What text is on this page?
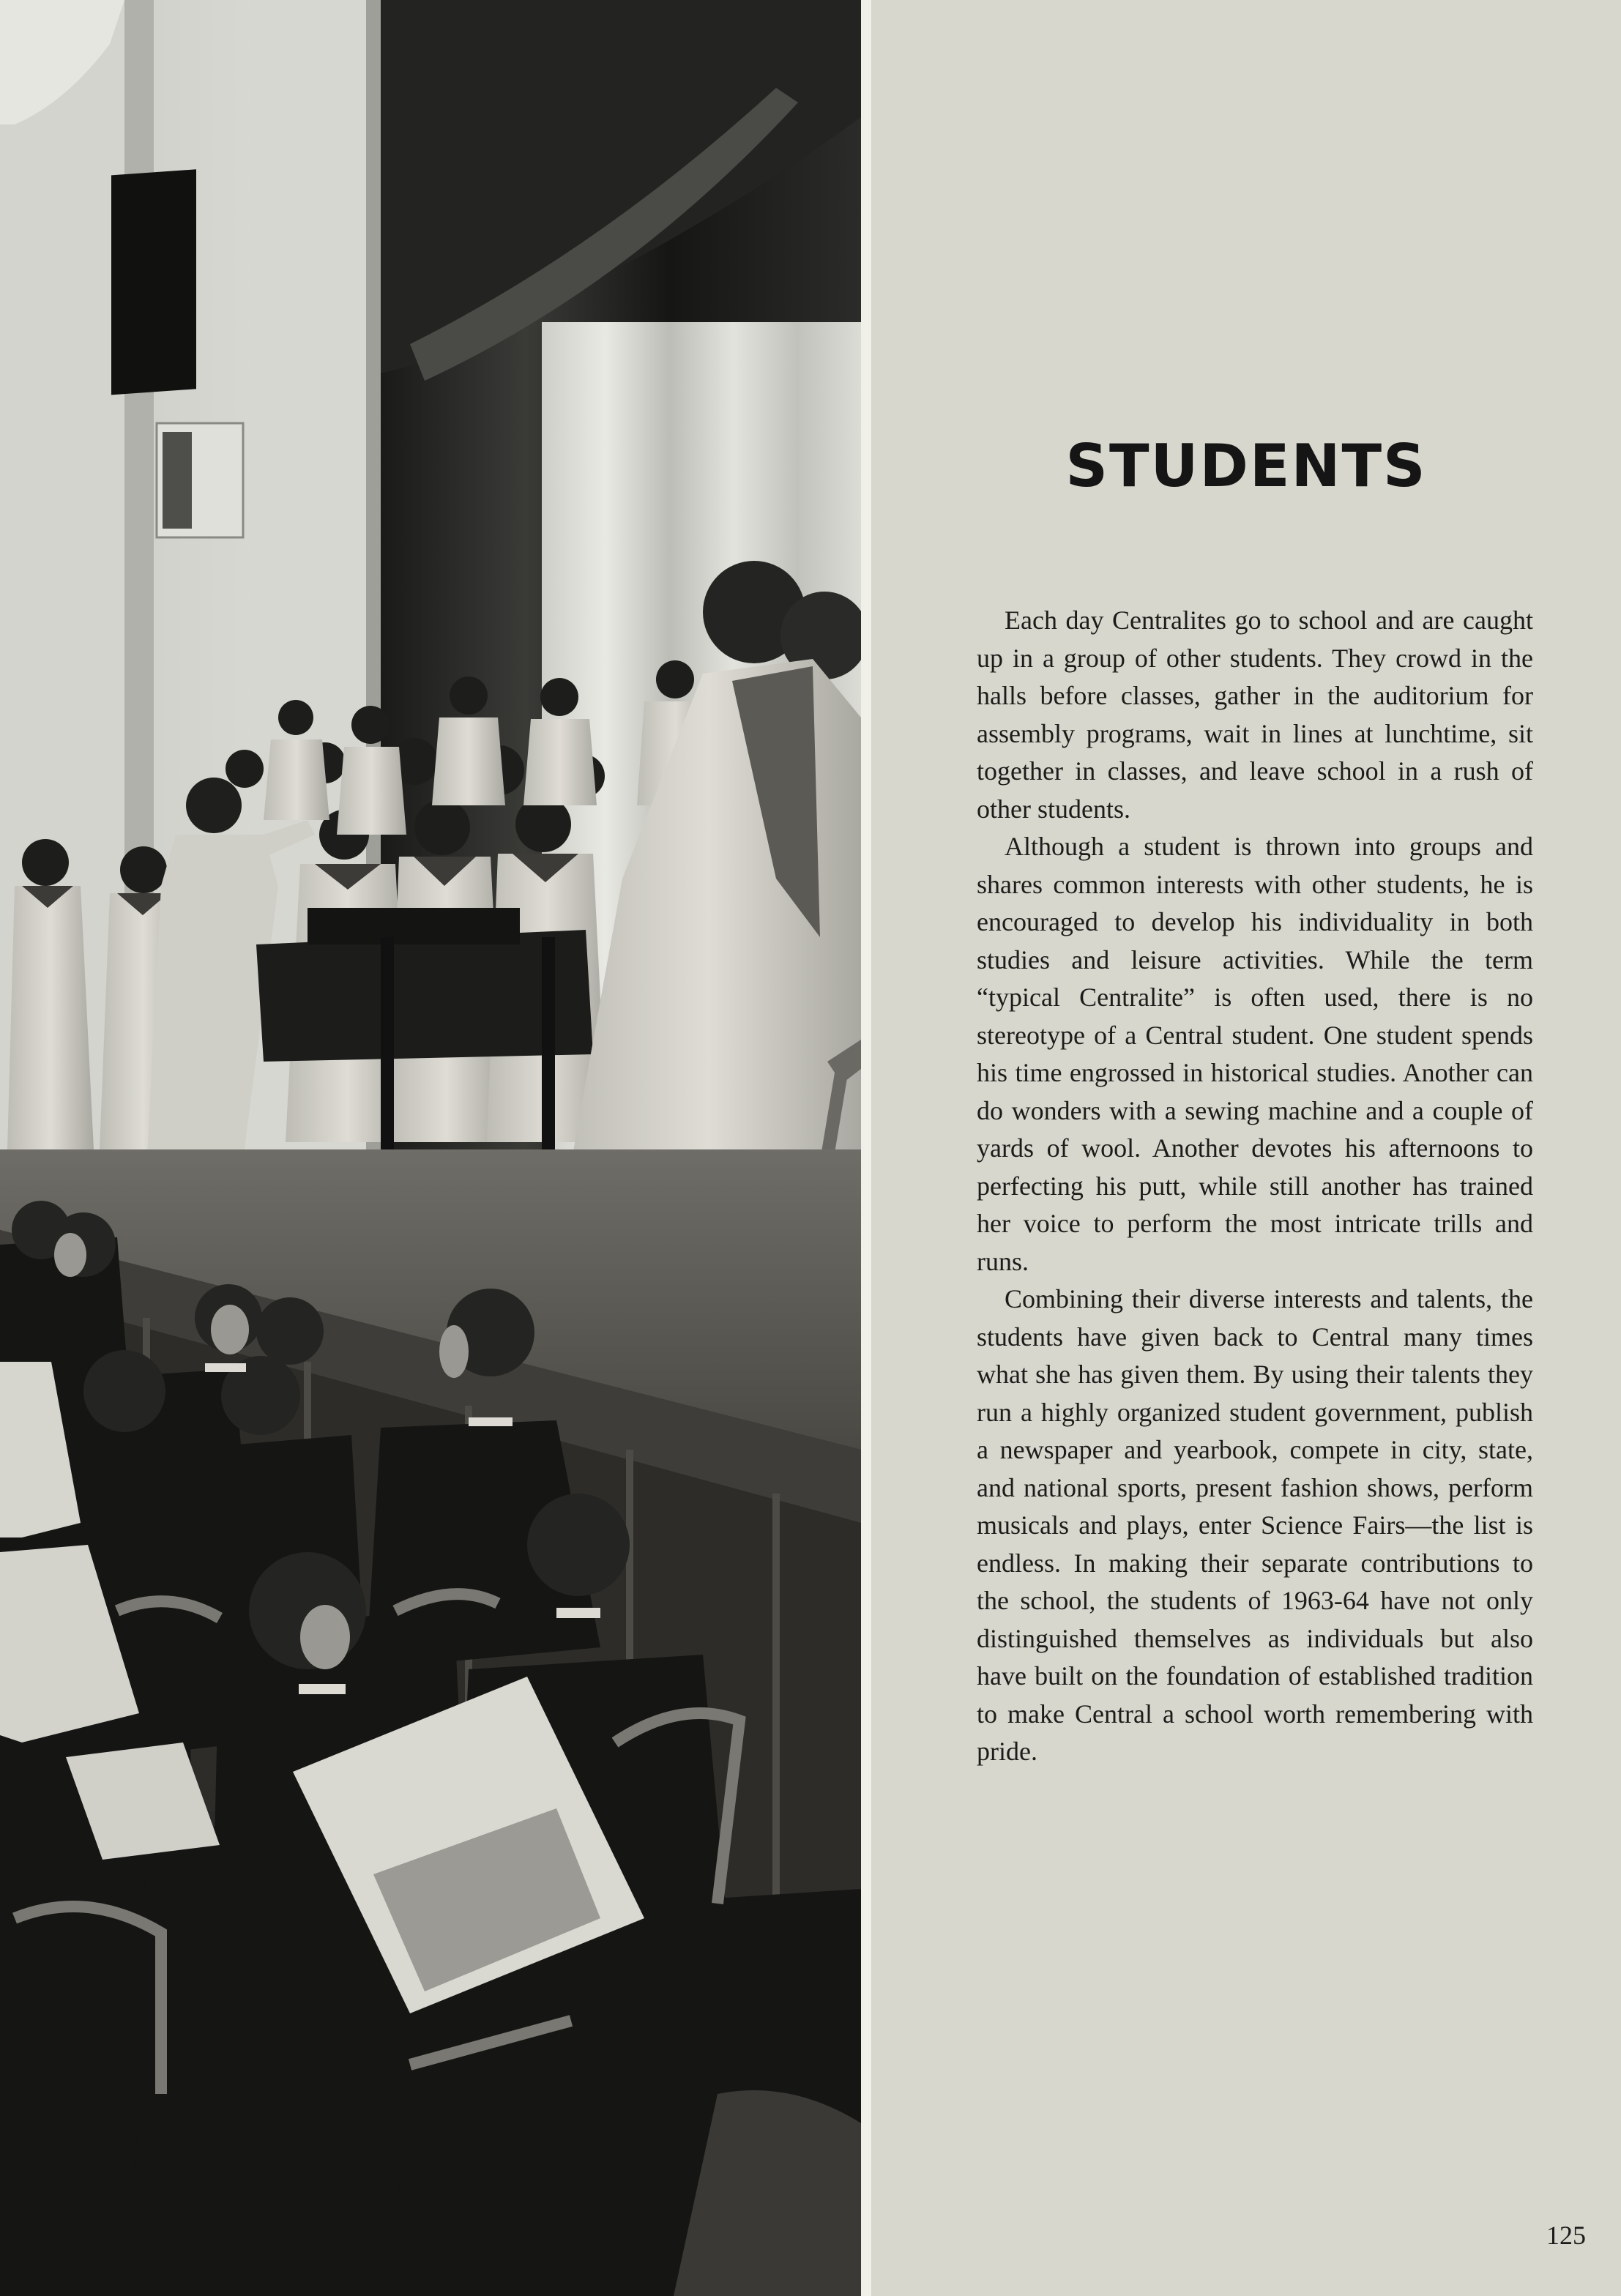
STUDENTS

Each day Centralites go to school and are caught up in a group of other students. They crowd in the halls before classes, gather in the auditorium for assembly programs, wait in lines at lunchtime, sit together in classes, and leave school in a rush of other students.

Although a student is thrown into groups and shares common interests with other students, he is encouraged to develop his individuality in both studies and leisure activities. While the term “typical Centralite” is often used, there is no stereotype of a Central student. One student spends his time engrossed in historical studies. Another can do wonders with a sewing machine and a couple of yards of wool. Another devotes his afternoons to perfecting his putt, while still another has trained her voice to perform the most intricate trills and runs.

Combining their diverse interests and talents, the students have given back to Central many times what she has given them. By using their talents they run a highly organized student government, publish a newspaper and yearbook, compete in city, state, and national sports, present fashion shows, perform musicals and plays, enter Science Fairs—the list is endless. In making their separate contributions to the school, the students of 1963-64 have not only distinguished themselves as individuals but also have built on the foundation of established tradition to make Central a school worth remembering with pride.

125
